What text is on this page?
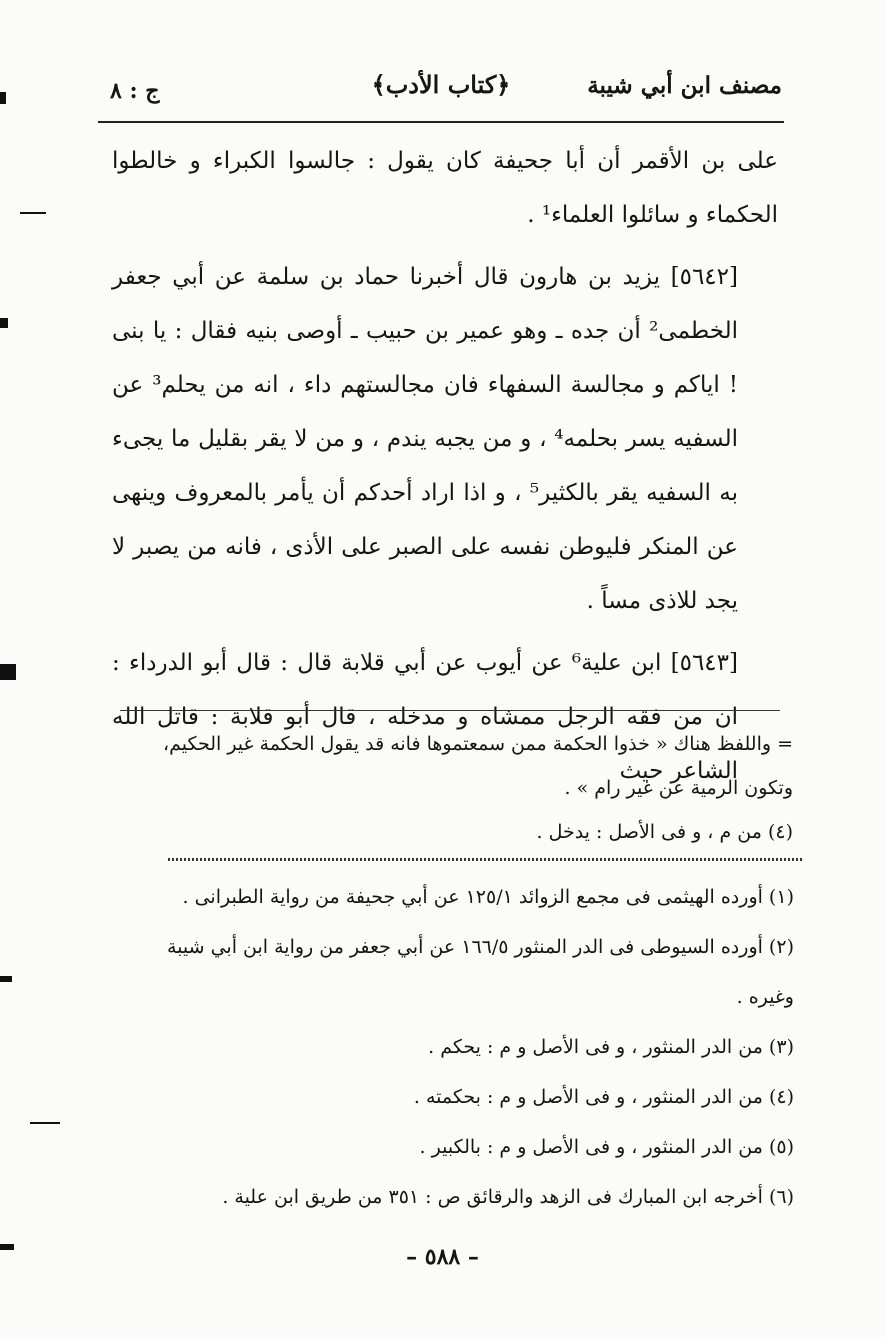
مصنف ابن أبي شيبة
﴿كتاب الأدب﴾
ج : ٨

على بن الأقمر أن أبا جحيفة كان يقول : جالسوا الكبراء و خالطوا الحكماء و سائلوا العلماء¹ .

[٥٦٤٢] يزيد بن هارون قال أخبرنا حماد بن سلمة عن أبي جعفر الخطمى² أن جده ـ وهو عمير بن حبيب ـ أوصى بنيه فقال : يا بنى ! اياكم و مجالسة السفهاء فان مجالستهم داء ، انه من يحلم³ عن السفيه يسر بحلمه⁴ ، و من يجبه يندم ، و من لا يقر بقليل ما يجىء به السفيه يقر بالكثير⁵ ، و اذا اراد أحدكم أن يأمر بالمعروف وينهى عن المنكر فليوطن نفسه على الصبر على الأذى ، فانه من يصبر لا يجد للاذى مساً .

[٥٦٤٣] ابن علية⁶ عن أيوب عن أبي قلابة قال : قال أبو الدرداء : ان من فقه الرجل ممشاه و مدخله ، قال أبو قلابة : قاتل الله الشاعر حيث

= واللفظ هناك « خذوا الحكمة ممن سمعتموها فانه قد يقول الحكمة غير الحكيم، وتكون الرمية عن غير رام » .

(٤) من م ، و فى الأصل : يدخل .

(١) أورده الهيثمى فى مجمع الزوائد ١٢٥/١ عن أبي جحيفة من رواية الطبرانى .

(٢) أورده السيوطى فى الدر المنثور ١٦٦/٥ عن أبي جعفر من رواية ابن أبي شيبة وغيره .

(٣) من الدر المنثور ، و فى الأصل و م : يحكم .

(٤) من الدر المنثور ، و فى الأصل و م : بحكمته .

(٥) من الدر المنثور ، و فى الأصل و م : بالكبير .

(٦) أخرجه ابن المبارك فى الزهد والرقائق ص : ٣٥١ من طريق ابن علية .

– ٥٨٨ –
